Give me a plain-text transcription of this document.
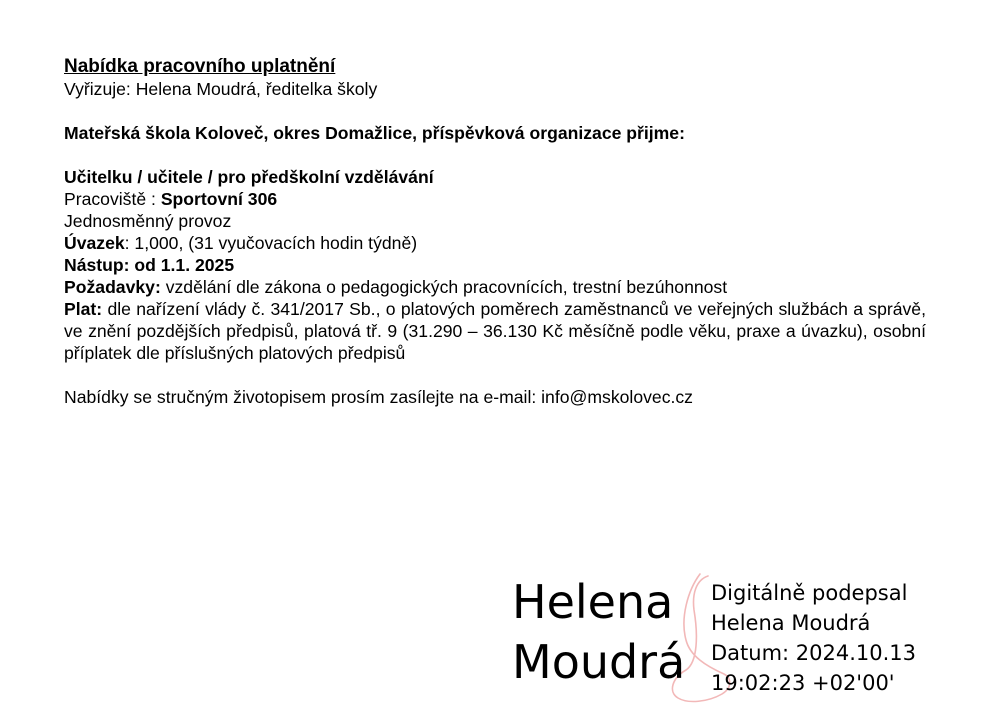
Nabídka pracovního uplatnění
Vyřizuje: Helena Moudrá, ředitelka školy
Mateřská škola Koloveč, okres Domažlice, příspěvková organizace přijme:
Učitelku / učitele / pro předškolní vzdělávání
Pracoviště : Sportovní 306
Jednosměnný provoz
Úvazek: 1,000, (31 vyučovacích hodin týdně)
Nástup: od 1.1. 2025
Požadavky: vzdělání dle zákona o pedagogických pracovnících, trestní bezúhonnost
Plat: dle nařízení vlády č. 341/2017 Sb., o platových poměrech zaměstnanců ve veřejných službách a správě, ve znění pozdějších předpisů, platová tř. 9 (31.290 – 36.130 Kč měsíčně podle věku, praxe a úvazku), osobní příplatek dle příslušných platových předpisů
Nabídky se stručným životopisem prosím zasílejte na e-mail: info@mskolovec.cz
Helena
Moudrá
Digitálně podepsal
Helena Moudrá
Datum: 2024.10.13
19:02:23 +02'00'
